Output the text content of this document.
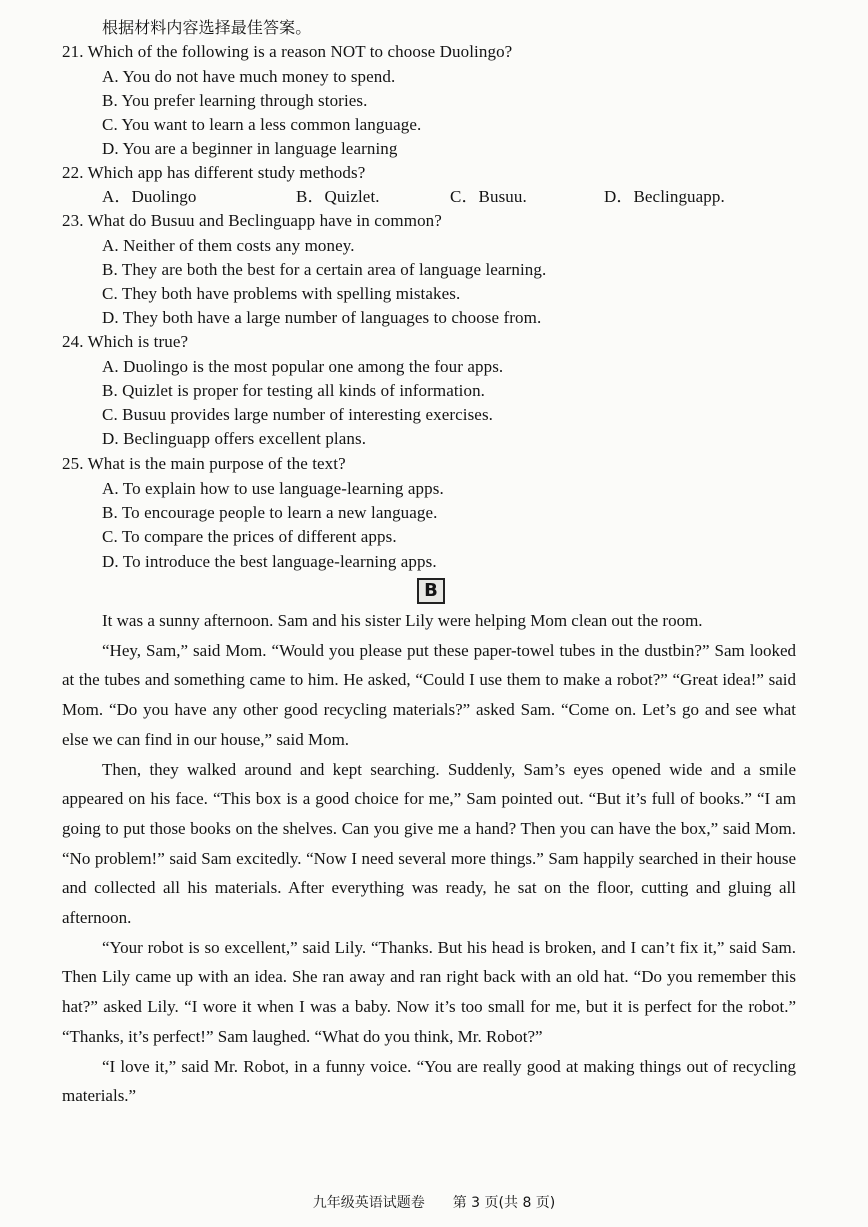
根据材料内容选择最佳答案。
21. Which of the following is a reason NOT to choose Duolingo?
A. You do not have much money to spend.
B. You prefer learning through stories.
C. You want to learn a less common language.
D. You are a beginner in language learning
22. Which app has different study methods?
A．Duolingo	B．Quizlet.	C．Busuu.	D．Beclinguapp.
23. What do Busuu and Beclinguapp have in common?
A. Neither of them costs any money.
B. They are both the best for a certain area of language learning.
C. They both have problems with spelling mistakes.
D. They both have a large number of languages to choose from.
24. Which is true?
A. Duolingo is the most popular one among the four apps.
B. Quizlet is proper for testing all kinds of information.
C. Busuu provides large number of interesting exercises.
D. Beclinguapp offers excellent plans.
25. What is the main purpose of the text?
A. To explain how to use language-learning apps.
B. To encourage people to learn a new language.
C. To compare the prices of different apps.
D. To introduce the best language-learning apps.
B

It was a sunny afternoon. Sam and his sister Lily were helping Mom clean out the room.

“Hey, Sam,” said Mom. “Would you please put these paper-towel tubes in the dustbin?” Sam looked at the tubes and something came to him. He asked, “Could I use them to make a robot?” “Great idea!” said Mom. “Do you have any other good recycling materials?” asked Sam. “Come on. Let’s go and see what else we can find in our house,” said Mom.

Then, they walked around and kept searching. Suddenly, Sam’s eyes opened wide and a smile appeared on his face. “This box is a good choice for me,” Sam pointed out. “But it’s full of books.” “I am going to put those books on the shelves. Can you give me a hand? Then you can have the box,” said Mom. “No problem!” said Sam excitedly. “Now I need several more things.” Sam happily searched in their house and collected all his materials. After everything was ready, he sat on the floor, cutting and gluing all afternoon.

“Your robot is so excellent,” said Lily. “Thanks. But his head is broken, and I can’t fix it,” said Sam. Then Lily came up with an idea. She ran away and ran right back with an old hat. “Do you remember this hat?” asked Lily. “I wore it when I was a baby. Now it’s too small for me, but it is perfect for the robot.” “Thanks, it’s perfect!” Sam laughed. “What do you think, Mr. Robot?”

“I love it,” said Mr. Robot, in a funny voice. “You are really good at making things out of recycling materials.”

九年级英语试题卷　　第 3 页(共 8 页)
